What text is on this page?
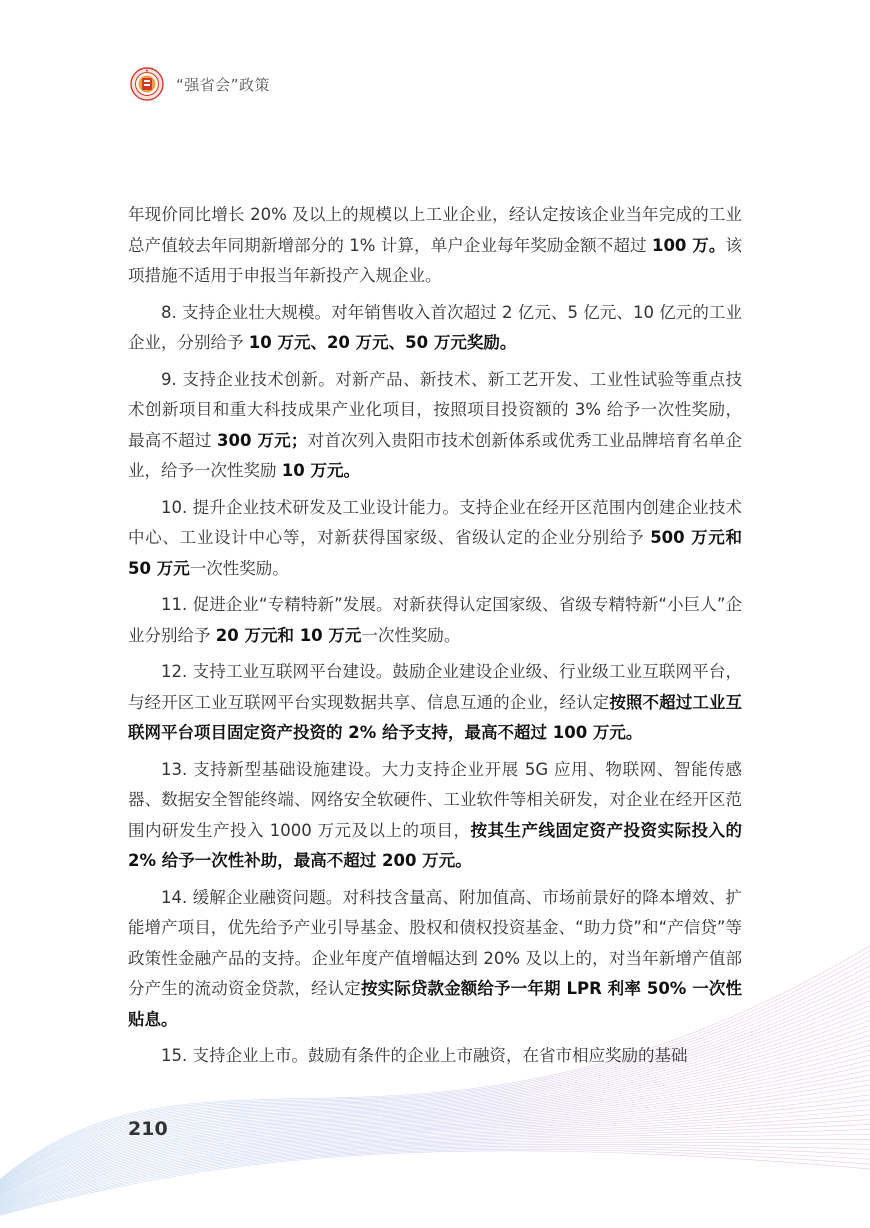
“强省会”政策

年现价同比增长 20% 及以上的规模以上工业企业，经认定按该企业当年完成的工业总产值较去年同期新增部分的 1% 计算，单户企业每年奖励金额不超过 100 万。该项措施不适用于申报当年新投产入规企业。

8. 支持企业壮大规模。对年销售收入首次超过 2 亿元、5 亿元、10 亿元的工业企业，分别给予 10 万元、20 万元、50 万元奖励。

9. 支持企业技术创新。对新产品、新技术、新工艺开发、工业性试验等重点技术创新项目和重大科技成果产业化项目，按照项目投资额的 3% 给予一次性奖励，最高不超过 300 万元；对首次列入贵阳市技术创新体系或优秀工业品牌培育名单企业，给予一次性奖励 10 万元。

10. 提升企业技术研发及工业设计能力。支持企业在经开区范围内创建企业技术中心、工业设计中心等，对新获得国家级、省级认定的企业分别给予 500 万元和 50 万元一次性奖励。

11. 促进企业“专精特新”发展。对新获得认定国家级、省级专精特新“小巨人”企业分别给予 20 万元和 10 万元一次性奖励。

12. 支持工业互联网平台建设。鼓励企业建设企业级、行业级工业互联网平台，与经开区工业互联网平台实现数据共享、信息互通的企业，经认定按照不超过工业互联网平台项目固定资产投资的 2% 给予支持，最高不超过 100 万元。

13. 支持新型基础设施建设。大力支持企业开展 5G 应用、物联网、智能传感器、数据安全智能终端、网络安全软硬件、工业软件等相关研发，对企业在经开区范围内研发生产投入 1000 万元及以上的项目，按其生产线固定资产投资实际投入的 2% 给予一次性补助，最高不超过 200 万元。

14. 缓解企业融资问题。对科技含量高、附加值高、市场前景好的降本增效、扩能增产项目，优先给予产业引导基金、股权和债权投资基金、“助力贷”和“产信贷”等政策性金融产品的支持。企业年度产值增幅达到 20% 及以上的，对当年新增产值部分产生的流动资金贷款，经认定按实际贷款金额给予一年期 LPR 利率 50% 一次性贴息。

15. 支持企业上市。鼓励有条件的企业上市融资，在省市相应奖励的基础

210
